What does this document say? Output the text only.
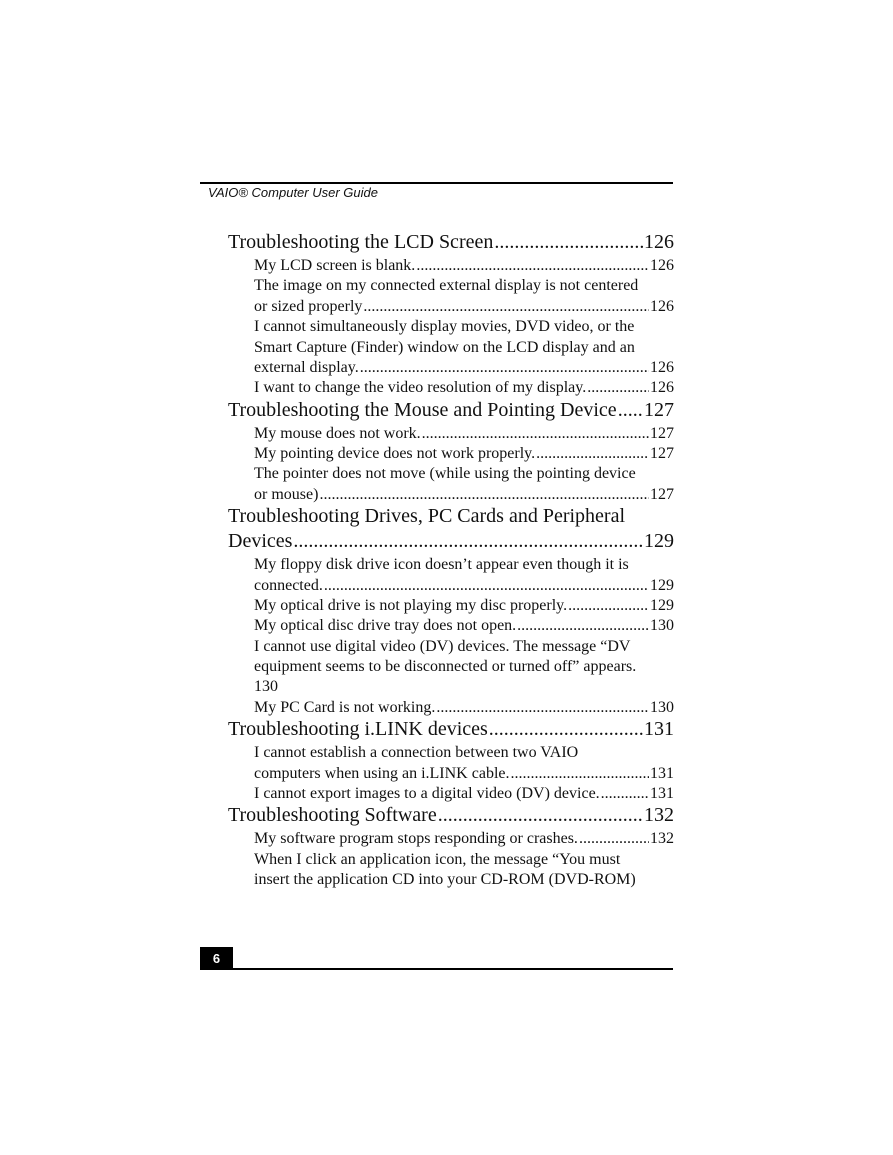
VAIO® Computer User Guide
Troubleshooting the LCD Screen .....	126
My LCD screen is blank. .....	126
The image on my connected external display is not centered
or sized properly .....	126
I cannot simultaneously display movies, DVD video, or the
Smart Capture (Finder) window on the LCD display and an
external display. .....	126
I want to change the video resolution of my display. .....	126
Troubleshooting the Mouse and Pointing Device ..... 127
My mouse does not work. .....	127
My pointing device does not work properly. .....	127
The pointer does not move (while using the pointing device
or mouse) .....	127
Troubleshooting Drives, PC Cards and Peripheral
Devices .....	129
My floppy disk drive icon doesn’t appear even though it is
connected. .....	129
My optical drive is not playing my disc properly. .....	129
My optical disc drive tray does not open. .....	130
I cannot use digital video (DV) devices. The message “DV
equipment seems to be disconnected or turned off” appears.
130
My PC Card is not working. .....	130
Troubleshooting i.LINK devices .....	131
I cannot establish a connection between two VAIO
computers when using an i.LINK cable. .....	131
I cannot export images to a digital video (DV) device. .....	131
Troubleshooting Software .....	132
My software program stops responding or crashes. .....	132
When I click an application icon, the message “You must
insert the application CD into your CD-ROM (DVD-ROM)
6
